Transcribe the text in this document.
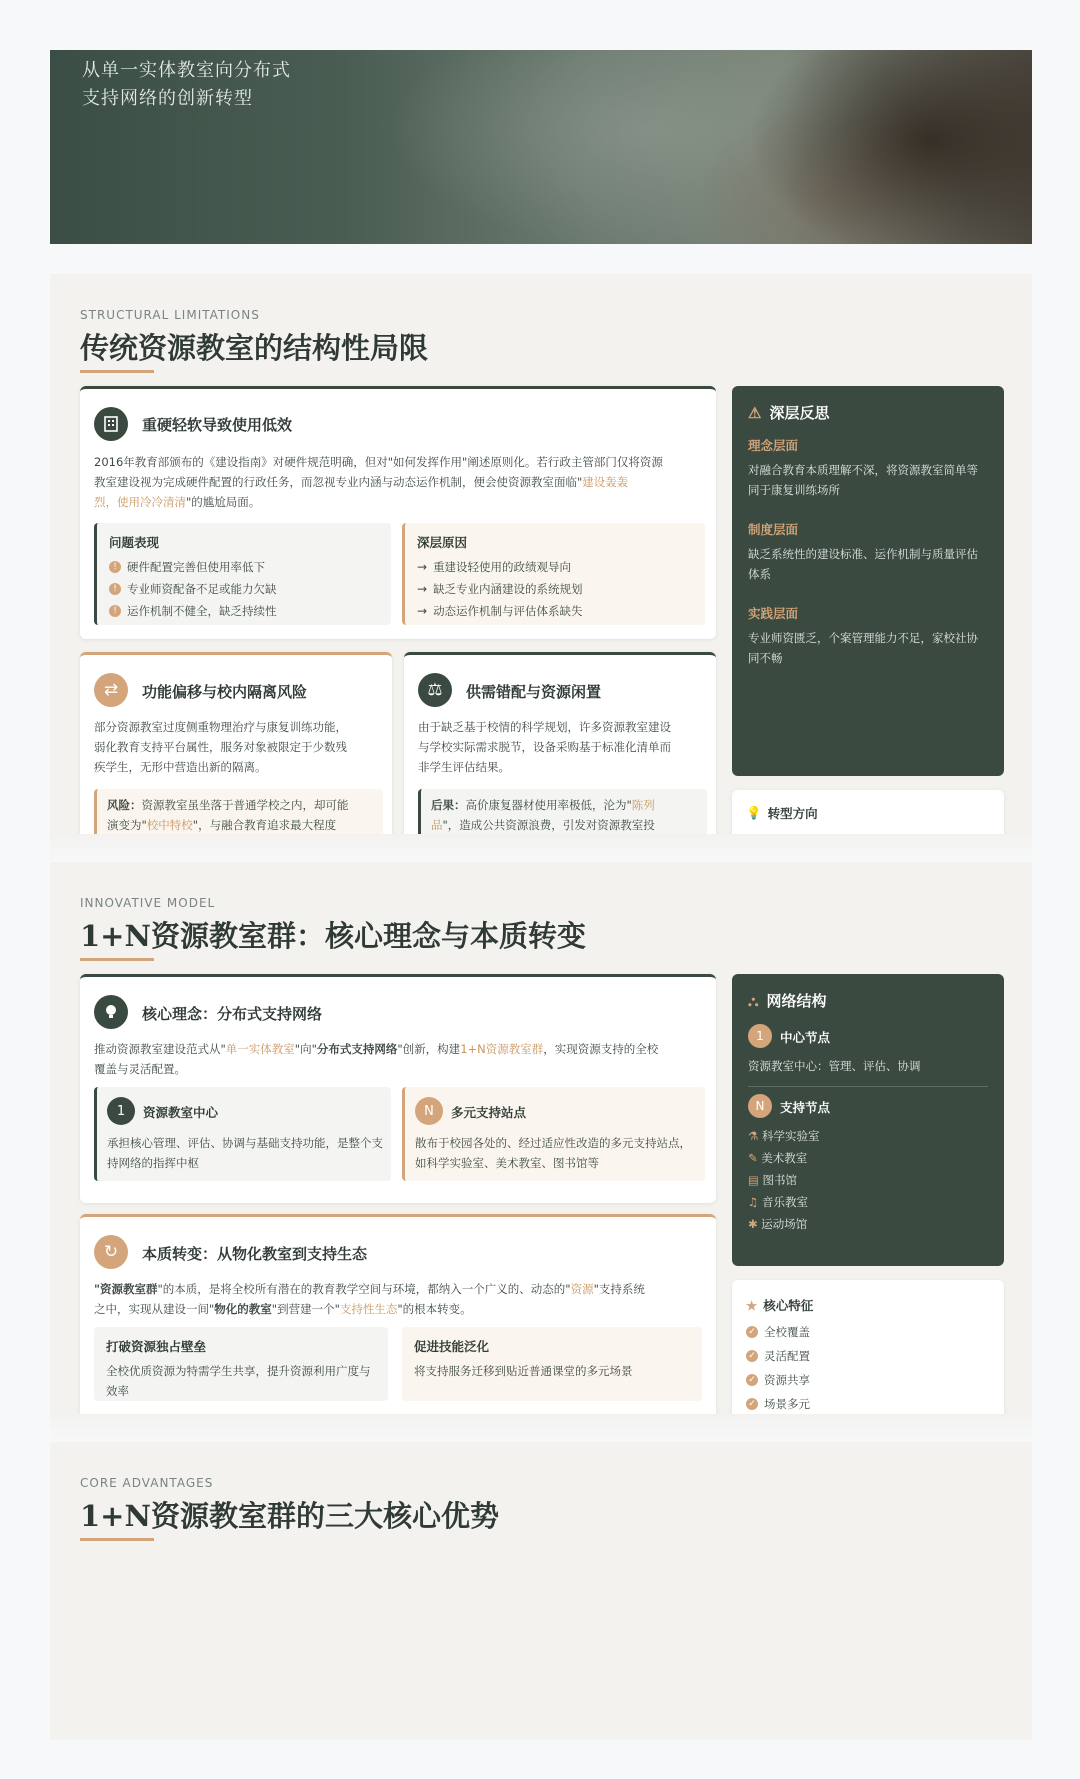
从单一实体教室向分布式
支持网络的创新转型
STRUCTURAL LIMITATIONS
传统资源教室的结构性局限
重硬轻软导致使用低效
2016年教育部颁布的《建设指南》对硬件规范明确，但对"如何发挥作用"阐述原则化。若行政主管部门仅将资源
教室建设视为完成硬件配置的行政任务，而忽视专业内涵与动态运作机制，便会使资源教室面临"建设轰轰
烈，使用冷冷清清"的尴尬局面。
问题表现
! 硬件配置完善但使用率低下
! 专业师资配备不足或能力欠缺
! 运作机制不健全，缺乏持续性
深层原因
→ 重建设轻使用的政绩观导向
→ 缺乏专业内涵建设的系统规划
→ 动态运作机制与评估体系缺失
⇄	功能偏移与校内隔离风险
部分资源教室过度侧重物理治疗与康复训练功能，
弱化教育支持平台属性，服务对象被限定于少数残
疾学生，无形中营造出新的隔离。
风险：资源教室虽坐落于普通学校之内，却可能
演变为"校中特校"，与融合教育追求最大程度
⚖	供需错配与资源闲置
由于缺乏基于校情的科学规划，许多资源教室建设
与学校实际需求脱节，设备采购基于标准化清单而
非学生评估结果。
后果：高价康复器材使用率极低，沦为"陈列
品"，造成公共资源浪费，引发对资源教室投
⚠ 深层反思
理念层面
对融合教育本质理解不深，将资源教室简单等同于康复训练场所
制度层面
缺乏系统性的建设标准、运作机制与质量评估体系
实践层面
专业师资匮乏，个案管理能力不足，家校社协同不畅
💡 转型方向
INNOVATIVE MODEL
1+N资源教室群：核心理念与本质转变
核心理念：分布式支持网络
推动资源教室建设范式从"单一实体教室"向"分布式支持网络"创新，构建1+N资源教室群，实现资源支持的全校
覆盖与灵活配置。
1	资源教室中心
承担核心管理、评估、协调与基础支持功能，是整个支持网络的指挥中枢
N	多元支持站点
散布于校园各处的、经过适应性改造的多元支持站点，如科学实验室、美术教室、图书馆等
↻	本质转变：从物化教室到支持生态
"资源教室群"的本质，是将全校所有潜在的教育教学空间与环境，都纳入一个广义的、动态的"资源"支持系统
之中，实现从建设一间"物化的教室"到营建一个"支持性生态"的根本转变。
打破资源独占壁垒
全校优质资源为特需学生共享，提升资源利用广度与效率
促进技能泛化
将支持服务迁移到贴近普通课堂的多元场景
⛬ 网络结构
1	中心节点
资源教室中心：管理、评估、协调
N	支持节点
⚗ 科学实验室
✎ 美术教室
▤ 图书馆
♫ 音乐教室
✱ 运动场馆
★ 核心特征
✓ 全校覆盖
✓ 灵活配置
✓ 资源共享
✓ 场景多元
CORE ADVANTAGES
1+N资源教室群的三大核心优势
